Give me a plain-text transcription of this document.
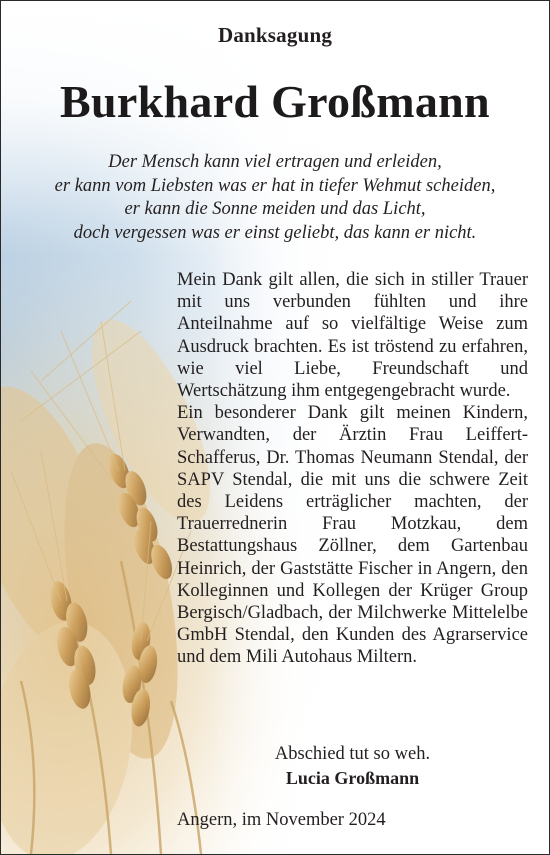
Danksagung
Burkhard Großmann
Der Mensch kann viel ertragen und erleiden,
er kann vom Liebsten was er hat in tiefer Wehmut scheiden,
er kann die Sonne meiden und das Licht,
doch vergessen was er einst geliebt, das kann er nicht.

Mein Dank gilt allen, die sich in stiller Trauer mit uns verbunden fühlten und ihre Anteilnahme auf so vielfältige Weise zum Ausdruck brachten. Es ist tröstend zu erfahren, wie viel Liebe, Freundschaft und Wertschätzung ihm entgegengebracht wurde.

Ein besonderer Dank gilt meinen Kindern, Verwandten, der Ärztin Frau Leiffert-Schafferus, Dr. Thomas Neumann Stendal, der SAPV Stendal, die mit uns die schwere Zeit des Leidens erträglicher machten, der Trauerrednerin Frau Motzkau, dem Bestattungshaus Zöllner, dem Gartenbau Heinrich, der Gaststätte Fischer in Angern, den Kolleginnen und Kollegen der Krüger Group Bergisch/Gladbach, der Milchwerke Mittelelbe GmbH Stendal, den Kunden des Agrarservice und dem Mili Autohaus Miltern.

Abschied tut so weh.
Lucia Großmann
Angern, im November 2024
